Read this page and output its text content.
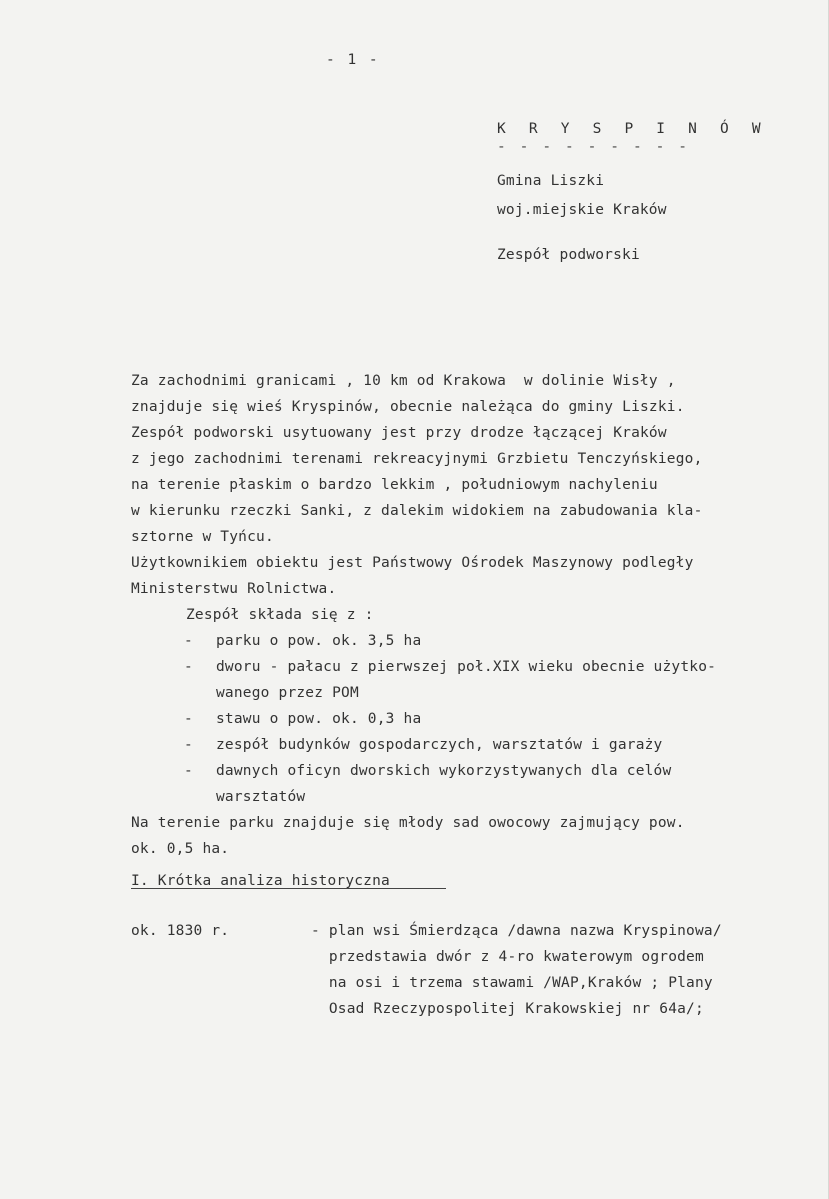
- 1 -
K R Y S P I N Ó W
- - - - - - - - -
Gmina Liszki
woj.miejskie Kraków
Zespół podworski
Za zachodnimi granicami , 10 km od Krakowa  w dolinie Wisły ,
znajduje się wieś Kryspinów, obecnie należąca do gminy Liszki.
Zespół podworski usytuowany jest przy drodze łączącej Kraków
z jego zachodnimi terenami rekreacyjnymi Grzbietu Tenczyńskiego,
na terenie płaskim o bardzo lekkim , południowym nachyleniu
w kierunku rzeczki Sanki, z dalekim widokiem na zabudowania kla-
sztorne w Tyńcu.
Użytkownikiem obiektu jest Państwowy Ośrodek Maszynowy podległy
Ministerstwu Rolnictwa.
Zespół składa się z :
- parku o pow. ok. 3,5 ha
- dworu - pałacu z pierwszej poł.XIX wieku obecnie użytko-
wanego przez POM
- stawu o pow. ok. 0,3 ha
- zespół budynków gospodarczych, warsztatów i garaży
- dawnych oficyn dworskich wykorzystywanych dla celów
warsztatów
Na terenie parku znajduje się młody sad owocowy zajmujący pow.
ok. 0,5 ha.
I. Krótka analiza historyczna
ok. 1830 r.	- plan wsi Śmierdząca /dawna nazwa Kryspinowa/
przedstawia dwór z 4-ro kwaterowym ogrodem
na osi i trzema stawami /WAP,Kraków ; Plany
Osad Rzeczypospolitej Krakowskiej nr 64a/;
